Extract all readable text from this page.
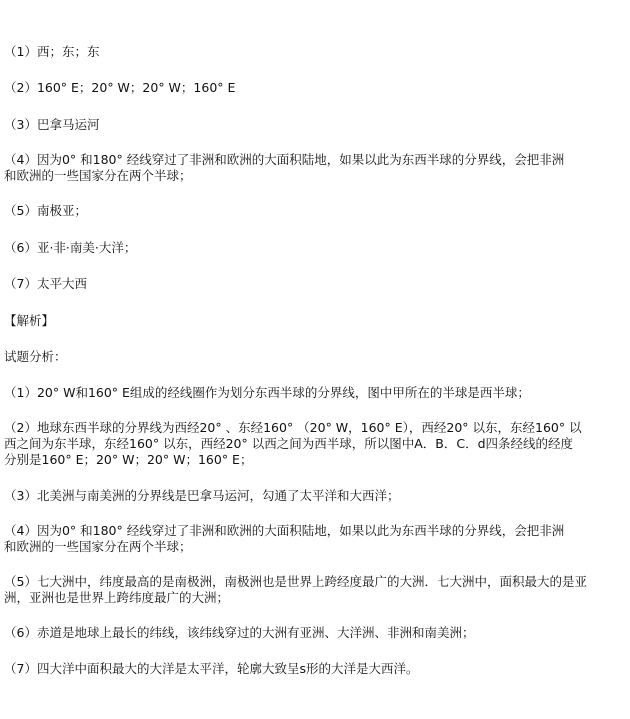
（1）西；东；东
（2）160° E；20° W；20° W；160° E
（3）巴拿马运河
（4）因为0° 和180° 经线穿过了非洲和欧洲的大面积陆地，如果以此为东西半球的分界线，会把非洲
和欧洲的一些国家分在两个半球；
（5）南极亚；
（6）亚·非·南美·大洋；
（7）太平大西
【解析】
试题分析：
（1）20° W和160° E组成的经线圈作为划分东西半球的分界线，图中甲所在的半球是西半球；
（2）地球东西半球的分界线为西经20° 、东经160° （20° W，160° E），西经20° 以东，东经160° 以
西之间为东半球，东经160° 以东，西经20° 以西之间为西半球，所以图中A．B．C．d四条经线的经度
分别是160° E；20° W；20° W；160° E；
（3）北美洲与南美洲的分界线是巴拿马运河，勾通了太平洋和大西洋；
（4）因为0° 和180° 经线穿过了非洲和欧洲的大面积陆地，如果以此为东西半球的分界线，会把非洲
和欧洲的一些国家分在两个半球；
（5）七大洲中，纬度最高的是南极洲，南极洲也是世界上跨经度最广的大洲．七大洲中，面积最大的是亚
洲，亚洲也是世界上跨纬度最广的大洲；
（6）赤道是地球上最长的纬线，该纬线穿过的大洲有亚洲、大洋洲、非洲和南美洲；
（7）四大洋中面积最大的大洋是太平洋，轮廓大致呈s形的大洋是大西洋。
